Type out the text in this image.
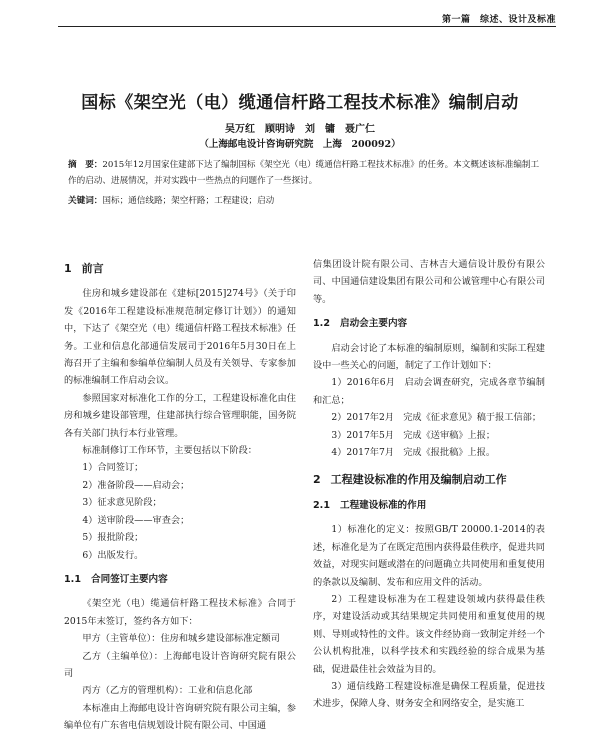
第一篇　综述、设计及标准
国标《架空光（电）缆通信杆路工程技术标准》编制启动
吴万红　顾明诗　刘　镛　聂广仁
（上海邮电设计咨询研究院　上海　200092）
摘　要：2015年12月国家住建部下达了编制国标《架空光（电）缆通信杆路工程技术标准》的任务。本文概述该标准编制工作的启动、进展情况，并对实践中一些热点的问题作了一些探讨。
关键词：国标；通信线路；架空杆路；工程建设；启动
1 前言

住房和城乡建设部在《建标[2015]274号》（关于印发《2016年工程建设标准规范制定修订计划》）的通知中，下达了《架空光（电）缆通信杆路工程技术标准》任务。工业和信息化部通信发展司于2016年5月30日在上海召开了主编和参编单位编制人员及有关领导、专家参加的标准编制工作启动会议。

参照国家对标准化工作的分工，工程建设标准化由住房和城乡建设部管理，住建部执行综合管理职能，国务院各有关部门执行本行业管理。

标准制修订工作环节，主要包括以下阶段：

1）合同签订；

2）准备阶段——启动会；

3）征求意见阶段；

4）送审阶段——审查会；

5）报批阶段；

6）出版发行。

1.1 合同签订主要内容

《架空光（电）缆通信杆路工程技术标准》合同于2015年末签订，签约各方如下：

甲方（主管单位）：住房和城乡建设部标准定额司

乙方（主编单位）：上海邮电设计咨询研究院有限公司

丙方（乙方的管理机构）：工业和信息化部

本标准由上海邮电设计咨询研究院有限公司主编，参编单位有广东省电信规划设计院有限公司、中国通

信集团设计院有限公司、吉林吉大通信设计股份有限公司、中国通信建设集团有限公司和公诚管理中心有限公司等。

1.2 启动会主要内容

启动会讨论了本标准的编制原则，编制和实际工程建设中一些关心的问题，制定了工作计划如下：

1）2016年6月　启动会调查研究，完成各章节编制和汇总；

2）2017年2月　完成《征求意见》稿于报工信部；

3）2017年5月　完成《送审稿》上报；

4）2017年7月　完成《报批稿》上报。

2 工程建设标准的作用及编制启动工作
2.1 工程建设标准的作用

1）标准化的定义：按照GB/T 20000.1-2014的表述，标准化是为了在既定范围内获得最佳秩序，促进共同效益，对现实问题或潜在的问题确立共同使用和重复使用的条款以及编制、发布和应用文件的活动。

2）工程建设标准为在工程建设领域内获得最佳秩序，对建设活动或其结果规定共同使用和重复使用的规则、导则或特性的文件。该文件经协商一致制定并经一个公认机构批准，以科学技术和实践经验的综合成果为基础，促进最佳社会效益为目的。

3）通信线路工程建设标准是确保工程质量，促进技术进步，保障人身、财务安全和网络安全，是实施工
